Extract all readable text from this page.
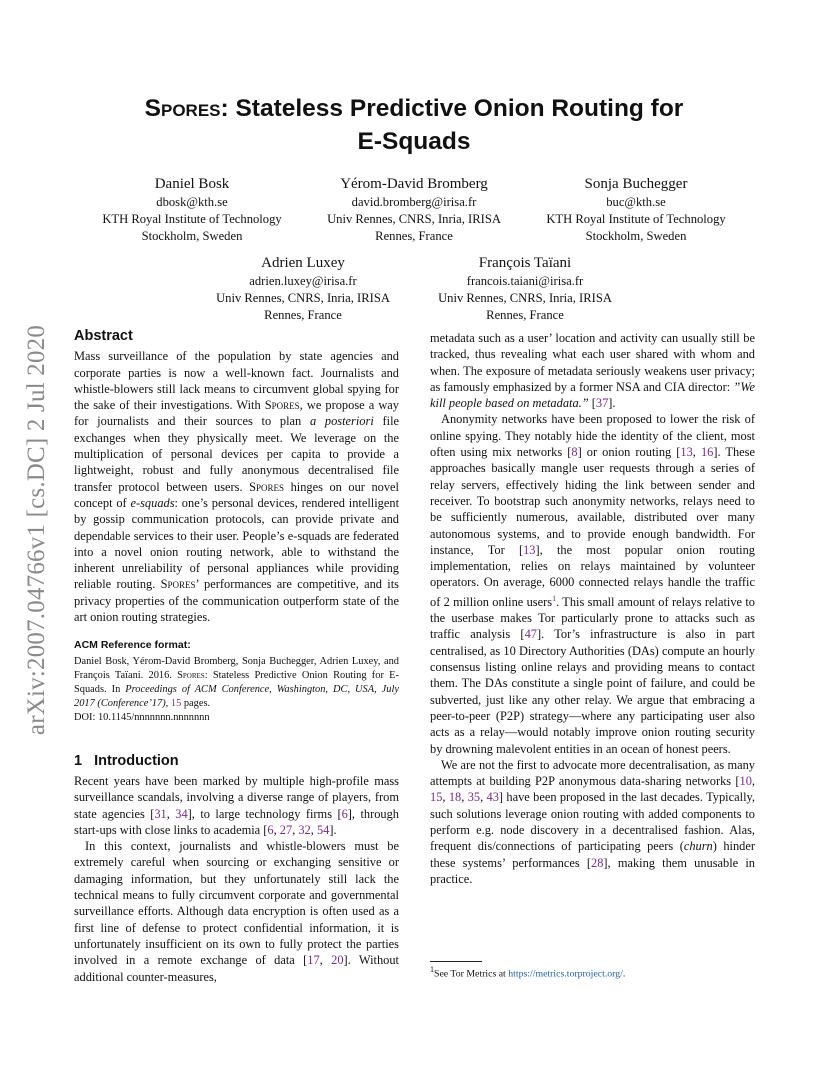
arXiv:2007.04766v1 [cs.DC] 2 Jul 2020
Spores: Stateless Predictive Onion Routing for
E-Squads
Daniel Bosk
dbosk@kth.se
KTH Royal Institute of Technology
Stockholm, Sweden
Yérom-David Bromberg
david.bromberg@irisa.fr
Univ Rennes, CNRS, Inria, IRISA
Rennes, France
Sonja Buchegger
buc@kth.se
KTH Royal Institute of Technology
Stockholm, Sweden
Adrien Luxey
adrien.luxey@irisa.fr
Univ Rennes, CNRS, Inria, IRISA
Rennes, France
François Taïani
francois.taiani@irisa.fr
Univ Rennes, CNRS, Inria, IRISA
Rennes, France
Abstract

Mass surveillance of the population by state agencies and corporate parties is now a well-known fact. Journalists and whistle-blowers still lack means to circumvent global spying for the sake of their investigations. With Spores, we propose a way for journalists and their sources to plan a posteriori file exchanges when they physically meet. We leverage on the multiplication of personal devices per capita to provide a lightweight, robust and fully anonymous decentralised file transfer protocol between users. Spores hinges on our novel concept of e-squads: one’s personal devices, rendered intelligent by gossip communication protocols, can provide private and dependable services to their user. People’s e-squads are federated into a novel onion routing network, able to withstand the inherent unreliability of personal appliances while providing reliable routing. Spores’ performances are competitive, and its privacy properties of the communication outperform state of the art onion routing strategies.

ACM Reference format:

Daniel Bosk, Yérom-David Bromberg, Sonja Buchegger, Adrien Luxey, and François Taïani. 2016. Spores: Stateless Predictive Onion Routing for E-Squads. In Proceedings of ACM Conference, Washington, DC, USA, July 2017 (Conference’17), 15 pages.
DOI: 10.1145/nnnnnnn.nnnnnnn

1 Introduction

Recent years have been marked by multiple high-profile mass surveillance scandals, involving a diverse range of players, from state agencies [31, 34], to large technology firms [6], through start-ups with close links to academia [6, 27, 32, 54].

In this context, journalists and whistle-blowers must be extremely careful when sourcing or exchanging sensitive or damaging information, but they unfortunately still lack the technical means to fully circumvent corporate and governmental surveillance efforts. Although data encryption is often used as a first line of defense to protect confidential information, it is unfortunately insufficient on its own to fully protect the parties involved in a remote exchange of data [17, 20]. Without additional counter-measures,

metadata such as a user’ location and activity can usually still be tracked, thus revealing what each user shared with whom and when. The exposure of metadata seriously weakens user privacy; as famously emphasized by a former NSA and CIA director: ”We kill people based on metadata.” [37].

Anonymity networks have been proposed to lower the risk of online spying. They notably hide the identity of the client, most often using mix networks [8] or onion routing [13, 16]. These approaches basically mangle user requests through a series of relay servers, effectively hiding the link between sender and receiver. To bootstrap such anonymity networks, relays need to be sufficiently numerous, available, distributed over many autonomous systems, and to provide enough bandwidth. For instance, Tor [13], the most popular onion routing implementation, relies on relays maintained by volunteer operators. On average, 6000 connected relays handle the traffic of 2 million online users$^1$. This small amount of relays relative to the userbase makes Tor particularly prone to attacks such as traffic analysis [47]. Tor’s infrastructure is also in part centralised, as 10 Directory Authorities (DAs) compute an hourly consensus listing online relays and providing means to contact them. The DAs constitute a single point of failure, and could be subverted, just like any other relay. We argue that embracing a peer-to-peer (P2P) strategy—where any participating user also acts as a relay—would notably improve onion routing security by drowning malevolent entities in an ocean of honest peers.

We are not the first to advocate more decentralisation, as many attempts at building P2P anonymous data-sharing networks [10, 15, 18, 35, 43] have been proposed in the last decades. Typically, such solutions leverage onion routing with added components to perform e.g. node discovery in a decentralised fashion. Alas, frequent dis/connections of participating peers (churn) hinder these systems’ performances [28], making them unusable in practice.

$^1$See Tor Metrics at https://metrics.torproject.org/.
